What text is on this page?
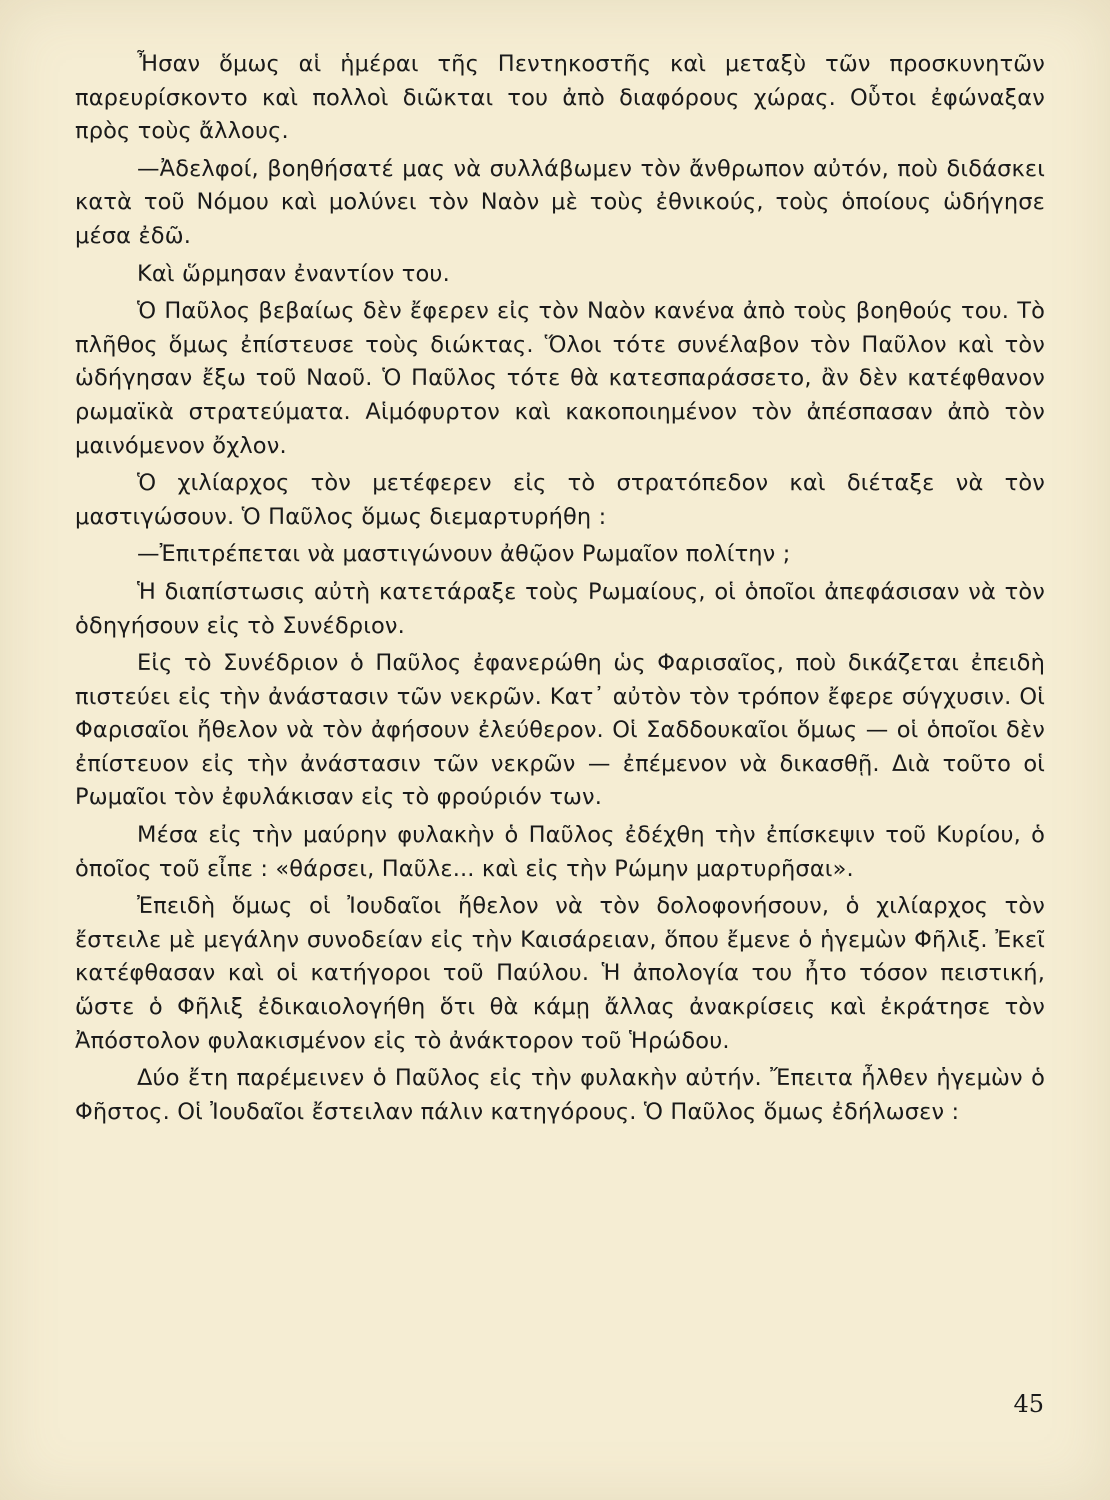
Ἦσαν ὅμως αἱ ἡμέραι τῆς Πεντηκοστῆς καὶ μεταξὺ τῶν προσκυνητῶν παρευρίσκοντο καὶ πολλοὶ διῶκται του ἀπὸ διαφόρους χώρας. Οὗτοι ἐφώναξαν πρὸς τοὺς ἄλλους.

—Ἀδελφοί, βοηθήσατέ μας νὰ συλλάβωμεν τὸν ἄνθρωπον αὐτόν, ποὺ διδάσκει κατὰ τοῦ Νόμου καὶ μολύνει τὸν Ναὸν μὲ τοὺς ἐθνικούς, τοὺς ὁποίους ὡδήγησε μέσα ἐδῶ.

Καὶ ὥρμησαν ἐναντίον του.

Ὁ Παῦλος βεβαίως δὲν ἔφερεν εἰς τὸν Ναὸν κανένα ἀπὸ τοὺς βοηθούς του. Τὸ πλῆθος ὅμως ἐπίστευσε τοὺς διώκτας. Ὅλοι τότε συνέλαβον τὸν Παῦλον καὶ τὸν ὡδήγησαν ἔξω τοῦ Ναοῦ. Ὁ Παῦλος τότε θὰ κατεσπαράσσετο, ἂν δὲν κατέφθανον ρωμαϊκὰ στρατεύματα. Αἱμόφυρτον καὶ κακοποιημένον τὸν ἀπέσπασαν ἀπὸ τὸν μαινόμενον ὄχλον.

Ὁ χιλίαρχος τὸν μετέφερεν εἰς τὸ στρατόπεδον καὶ διέταξε νὰ τὸν μαστιγώσουν. Ὁ Παῦλος ὅμως διεμαρτυρήθη :

—Ἐπιτρέπεται νὰ μαστιγώνουν ἀθῷον Ρωμαῖον πολίτην ;

Ἡ διαπίστωσις αὐτὴ κατετάραξε τοὺς Ρωμαίους, οἱ ὁποῖοι ἀπεφάσισαν νὰ τὸν ὁδηγήσουν εἰς τὸ Συνέδριον.

Εἰς τὸ Συνέδριον ὁ Παῦλος ἐφανερώθη ὡς Φαρισαῖος, ποὺ δικάζεται ἐπειδὴ πιστεύει εἰς τὴν ἀνάστασιν τῶν νεκρῶν. Κατ᾽ αὐτὸν τὸν τρόπον ἔφερε σύγχυσιν. Οἱ Φαρισαῖοι ἤθελον νὰ τὸν ἀφήσουν ἐλεύθερον. Οἱ Σαδδουκαῖοι ὅμως — οἱ ὁποῖοι δὲν ἐπίστευον εἰς τὴν ἀνάστασιν τῶν νεκρῶν — ἐπέμενον νὰ δικασθῇ. Διὰ τοῦτο οἱ Ρωμαῖοι τὸν ἐφυλάκισαν εἰς τὸ φρούριόν των.

Μέσα εἰς τὴν μαύρην φυλακὴν ὁ Παῦλος ἐδέχθη τὴν ἐπίσκεψιν τοῦ Κυρίου, ὁ ὁποῖος τοῦ εἶπε : «θάρσει, Παῦλε... καὶ εἰς τὴν Ρώμην μαρτυρῆσαι».

Ἐπειδὴ ὅμως οἱ Ἰουδαῖοι ἤθελον νὰ τὸν δολοφονήσουν, ὁ χιλίαρχος τὸν ἔστειλε μὲ μεγάλην συνοδείαν εἰς τὴν Καισάρειαν, ὅπου ἔμενε ὁ ἡγεμὼν Φῆλιξ. Ἐκεῖ κατέφθασαν καὶ οἱ κατήγοροι τοῦ Παύλου. Ἡ ἀπολογία του ἦτο τόσον πειστική, ὥστε ὁ Φῆλιξ ἐδικαιολογήθη ὅτι θὰ κάμῃ ἄλλας ἀνακρίσεις καὶ ἐκράτησε τὸν Ἀπόστολον φυλακισμένον εἰς τὸ ἀνάκτορον τοῦ Ἡρώδου.

Δύο ἔτη παρέμεινεν ὁ Παῦλος εἰς τὴν φυλακὴν αὐτήν. Ἔπειτα ἦλθεν ἡγεμὼν ὁ Φῆστος. Οἱ Ἰουδαῖοι ἔστειλαν πάλιν κατηγόρους. Ὁ Παῦλος ὅμως ἐδήλωσεν :

45
